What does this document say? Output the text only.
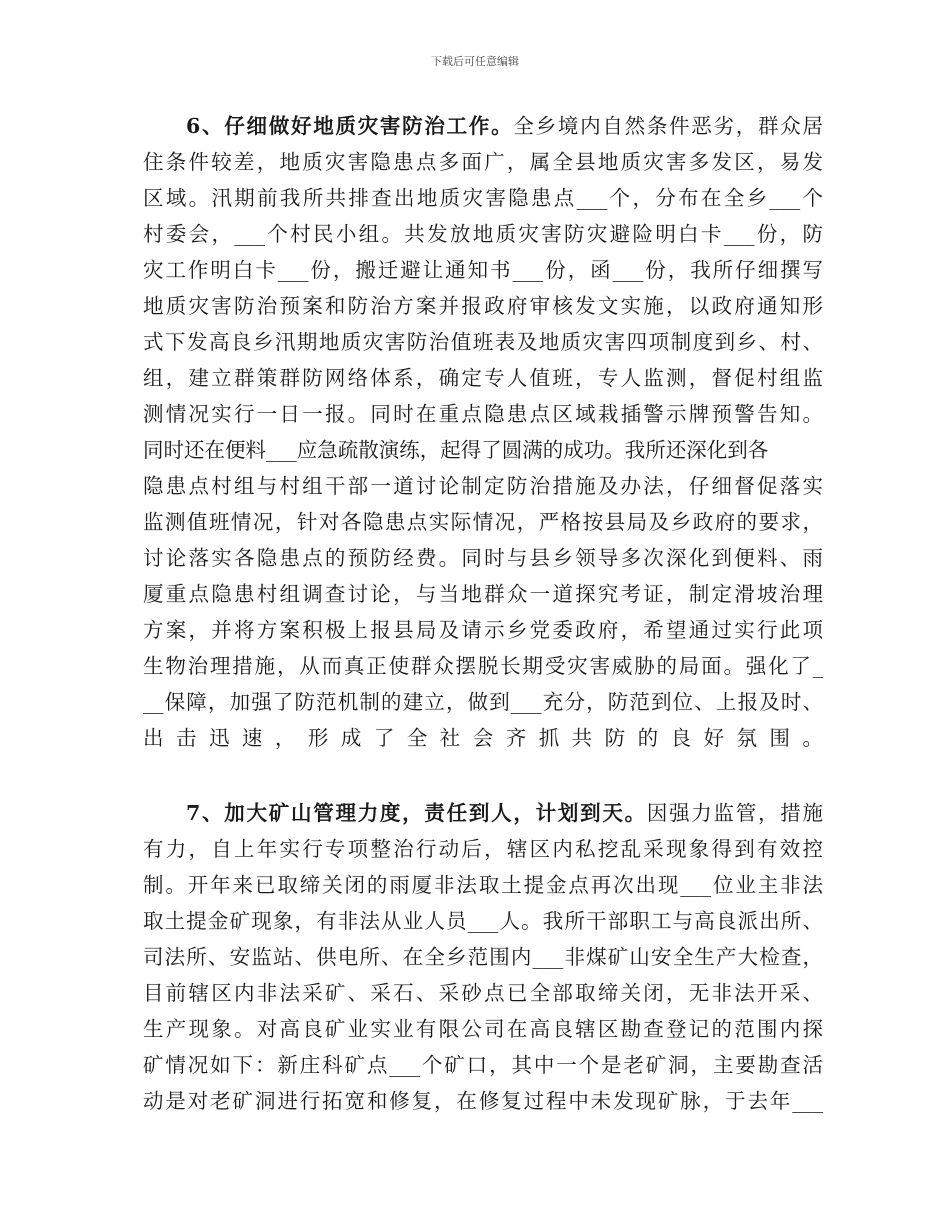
下载后可任意编辑
6、仔细做好地质灾害防治工作。全乡境内自然条件恶劣，群众居
住条件较差，地质灾害隐患点多面广，属全县地质灾害多发区，易发
区域。汛期前我所共排查出地质灾害隐患点___个，分布在全乡___个
村委会，___个村民小组。共发放地质灾害防灾避险明白卡___份，防
灾工作明白卡___份，搬迁避让通知书___份，函___份，我所仔细撰写
地质灾害防治预案和防治方案并报政府审核发文实施，以政府通知形
式下发高良乡汛期地质灾害防治值班表及地质灾害四项制度到乡、村、
组，建立群策群防网络体系，确定专人值班，专人监测，督促村组监
测情况实行一日一报。同时在重点隐患点区域栽插警示牌预警告知。
同时还在便料___应急疏散演练，起得了圆满的成功。我所还深化到各
隐患点村组与村组干部一道讨论制定防治措施及办法，仔细督促落实
监测值班情况，针对各隐患点实际情况，严格按县局及乡政府的要求，
讨论落实各隐患点的预防经费。同时与县乡领导多次深化到便料、雨
厦重点隐患村组调查讨论，与当地群众一道探究考证，制定滑坡治理
方案，并将方案积极上报县局及请示乡党委政府，希望通过实行此项
生物治理措施，从而真正使群众摆脱长期受灾害威胁的局面。强化了_
__保障，加强了防范机制的建立，做到___充分，防范到位、上报及时、
出击迅速，形成了全社会齐抓共防的良好氛围。
7、加大矿山管理力度，责任到人，计划到天。因强力监管，措施
有力，自上年实行专项整治行动后，辖区内私挖乱采现象得到有效控
制。开年来已取缔关闭的雨厦非法取土提金点再次出现___位业主非法
取土提金矿现象，有非法从业人员___人。我所干部职工与高良派出所、
司法所、安监站、供电所、在全乡范围内___非煤矿山安全生产大检查，
目前辖区内非法采矿、采石、采砂点已全部取缔关闭，无非法开采、
生产现象。对高良矿业实业有限公司在高良辖区勘查登记的范围内探
矿情况如下：新庄科矿点___个矿口，其中一个是老矿洞，主要勘查活
动是对老矿洞进行拓宽和修复，在修复过程中未发现矿脉，于去年___
